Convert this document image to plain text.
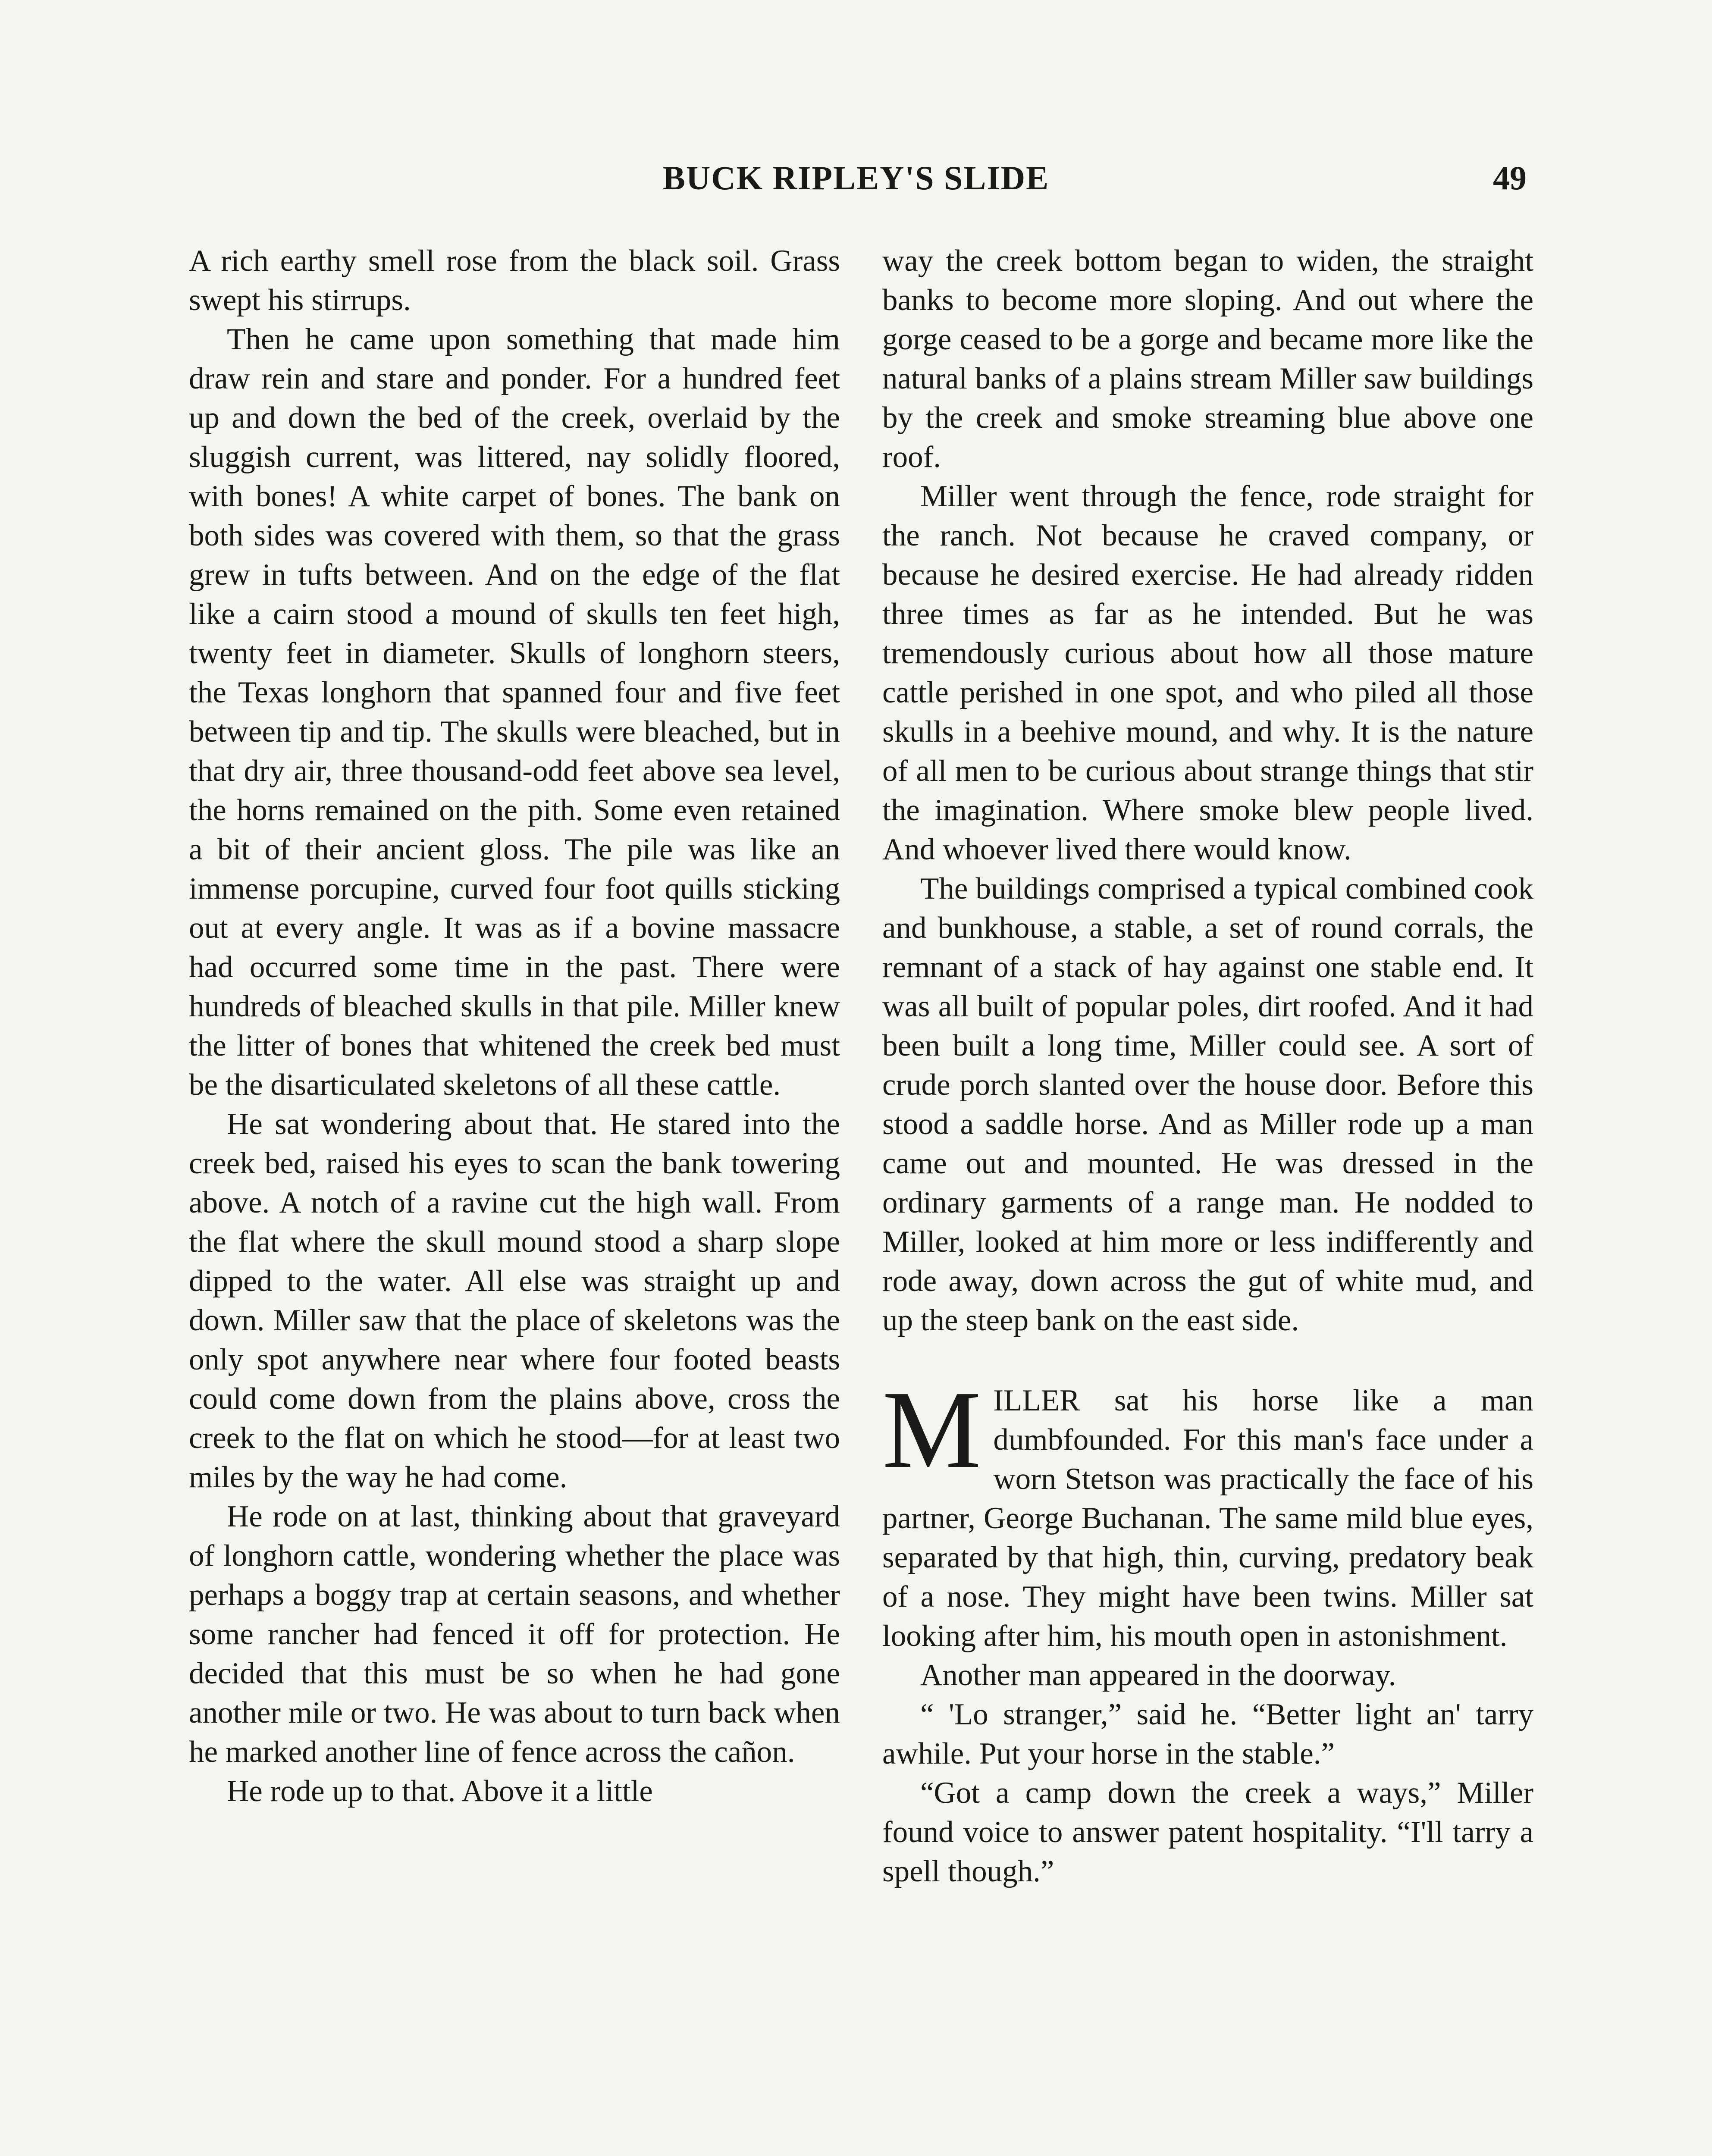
BUCK RIPLEY'S SLIDE	49

A rich earthy smell rose from the black soil. Grass swept his stirrups.

Then he came upon something that made him draw rein and stare and ponder. For a hundred feet up and down the bed of the creek, overlaid by the sluggish current, was littered, nay solidly floored, with bones! A white carpet of bones. The bank on both sides was covered with them, so that the grass grew in tufts between. And on the edge of the flat like a cairn stood a mound of skulls ten feet high, twenty feet in diameter. Skulls of longhorn steers, the Texas longhorn that spanned four and five feet between tip and tip. The skulls were bleached, but in that dry air, three thousand-odd feet above sea level, the horns remained on the pith. Some even retained a bit of their ancient gloss. The pile was like an immense porcupine, curved four foot quills sticking out at every angle. It was as if a bovine massacre had occurred some time in the past. There were hundreds of bleached skulls in that pile. Miller knew the litter of bones that whitened the creek bed must be the disarticulated skeletons of all these cattle.

He sat wondering about that. He stared into the creek bed, raised his eyes to scan the bank towering above. A notch of a ravine cut the high wall. From the flat where the skull mound stood a sharp slope dipped to the water. All else was straight up and down. Miller saw that the place of skeletons was the only spot anywhere near where four footed beasts could come down from the plains above, cross the creek to the flat on which he stood—for at least two miles by the way he had come.

He rode on at last, thinking about that graveyard of longhorn cattle, wondering whether the place was perhaps a boggy trap at certain seasons, and whether some rancher had fenced it off for protection. He decided that this must be so when he had gone another mile or two. He was about to turn back when he marked another line of fence across the cañon.

He rode up to that. Above it a little

way the creek bottom began to widen, the straight banks to become more sloping. And out where the gorge ceased to be a gorge and became more like the natural banks of a plains stream Miller saw buildings by the creek and smoke streaming blue above one roof.

Miller went through the fence, rode straight for the ranch. Not because he craved company, or because he desired exercise. He had already ridden three times as far as he intended. But he was tremendously curious about how all those mature cattle perished in one spot, and who piled all those skulls in a beehive mound, and why. It is the nature of all men to be curious about strange things that stir the imagination. Where smoke blew people lived. And whoever lived there would know.

The buildings comprised a typical combined cook and bunkhouse, a stable, a set of round corrals, the remnant of a stack of hay against one stable end. It was all built of popular poles, dirt roofed. And it had been built a long time, Miller could see. A sort of crude porch slanted over the house door. Before this stood a saddle horse. And as Miller rode up a man came out and mounted. He was dressed in the ordinary garments of a range man. He nodded to Miller, looked at him more or less indifferently and rode away, down across the gut of white mud, and up the steep bank on the east side.

MILLER sat his horse like a man dumbfounded. For this man's face under a worn Stetson was practically the face of his partner, George Buchanan. The same mild blue eyes, separated by that high, thin, curving, predatory beak of a nose. They might have been twins. Miller sat looking after him, his mouth open in astonishment.

Another man appeared in the doorway.

“ 'Lo stranger,” said he. “Better light an' tarry awhile. Put your horse in the stable.”

“Got a camp down the creek a ways,” Miller found voice to answer patent hospitality. “I'll tarry a spell though.”
